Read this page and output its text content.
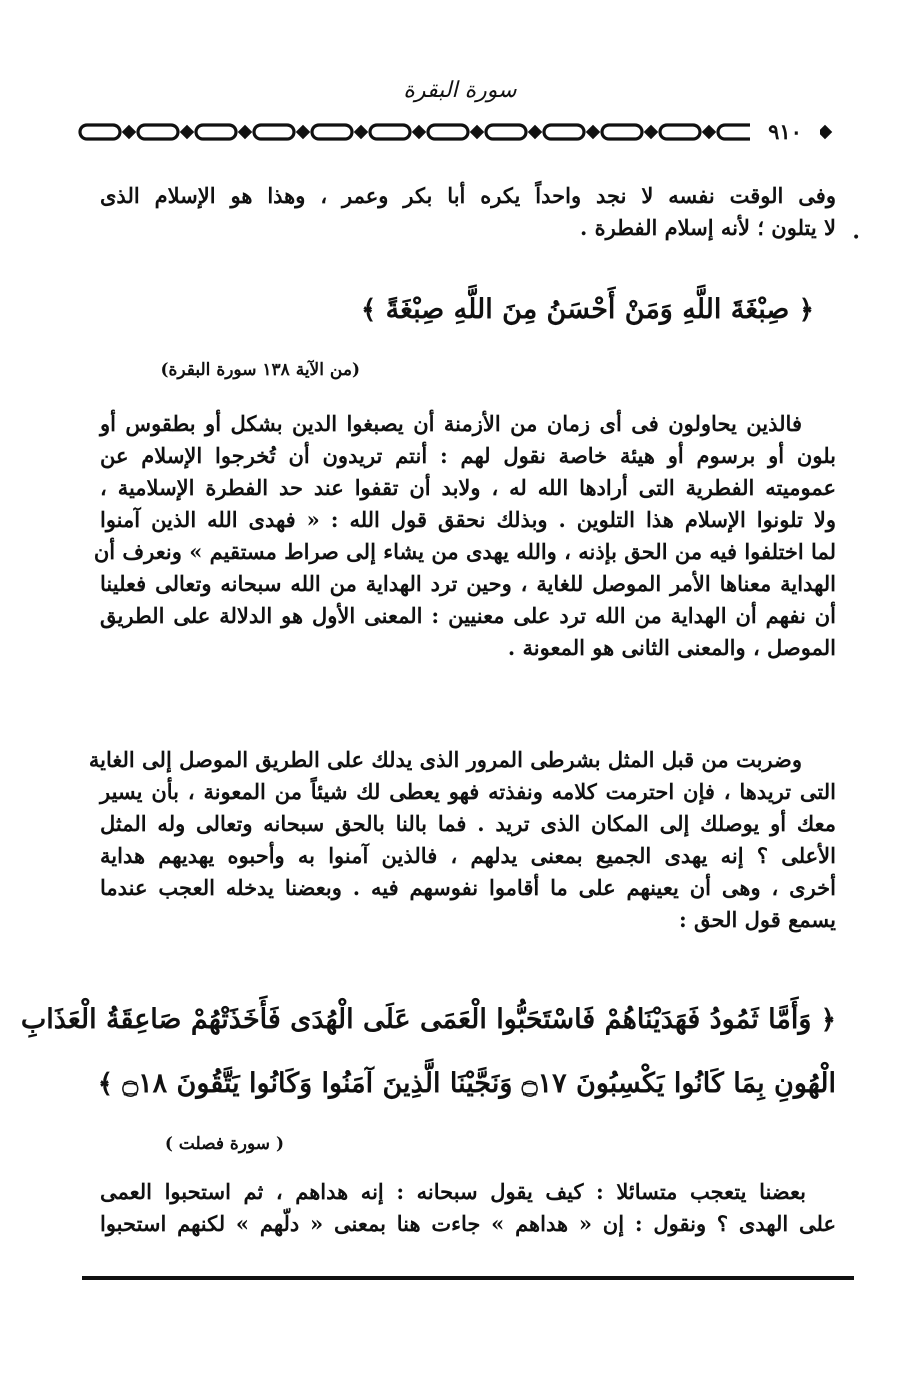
سورة البقرة
٩١٠
وفى الوقت نفسه لا نجد واحداً يكره أبا بكر وعمر ، وهذا هو الإسلام الذى
لا يتلون ؛ لأنه إسلام الفطرة . •
﴿ صِبْغَةَ اللَّهِ وَمَنْ أَحْسَنُ مِنَ اللَّهِ صِبْغَةً ﴾
(من الآية ١٣٨ سورة البقرة)
فالذين يحاولون فى أى زمان من الأزمنة أن يصبغوا الدين بشكل أو بطقوس أو
بلون أو برسوم أو هيئة خاصة نقول لهم : أنتم تريدون أن تُخرجوا الإسلام عن
عموميته الفطرية التى أرادها الله له ، ولابد أن تقفوا عند حد الفطرة الإسلامية ،
ولا تلونوا الإسلام هذا التلوين . وبذلك نحقق قول الله : « فهدى الله الذين آمنوا
لما اختلفوا فيه من الحق بإذنه ، والله يهدى من يشاء إلى صراط مستقيم » ونعرف أن
الهداية معناها الأمر الموصل للغاية ، وحين ترد الهداية من الله سبحانه وتعالى فعلينا
أن نفهم أن الهداية من الله ترد على معنيين : المعنى الأول هو الدلالة على الطريق
الموصل ، والمعنى الثانى هو المعونة .
وضربت من قبل المثل بشرطى المرور الذى يدلك على الطريق الموصل إلى الغاية
التى تريدها ، فإن احترمت كلامه ونفذته فهو يعطى لك شيئاً من المعونة ، بأن يسير
معك أو يوصلك إلى المكان الذى تريد . فما بالنا بالحق سبحانه وتعالى وله المثل
الأعلى ؟ إنه يهدى الجميع بمعنى يدلهم ، فالذين آمنوا به وأحبوه يهديهم هداية
أخرى ، وهى أن يعينهم على ما أقاموا نفوسهم فيه . وبعضنا يدخله العجب عندما
يسمع قول الحق :
﴿ وَأَمَّا ثَمُودُ فَهَدَيْنَاهُمْ فَاسْتَحَبُّوا الْعَمَى عَلَى الْهُدَى فَأَخَذَتْهُمْ صَاعِقَةُ الْعَذَابِ
الْهُونِ بِمَا كَانُوا يَكْسِبُونَ ۝١٧ وَنَجَّيْنَا الَّذِينَ آمَنُوا وَكَانُوا يَتَّقُونَ ۝١٨ ﴾
( سورة فصلت )
بعضنا يتعجب متسائلا : كيف يقول سبحانه : إنه هداهم ، ثم استحبوا العمى
على الهدى ؟ ونقول : إن « هداهم » جاءت هنا بمعنى « دلّهم » لكنهم استحبوا
